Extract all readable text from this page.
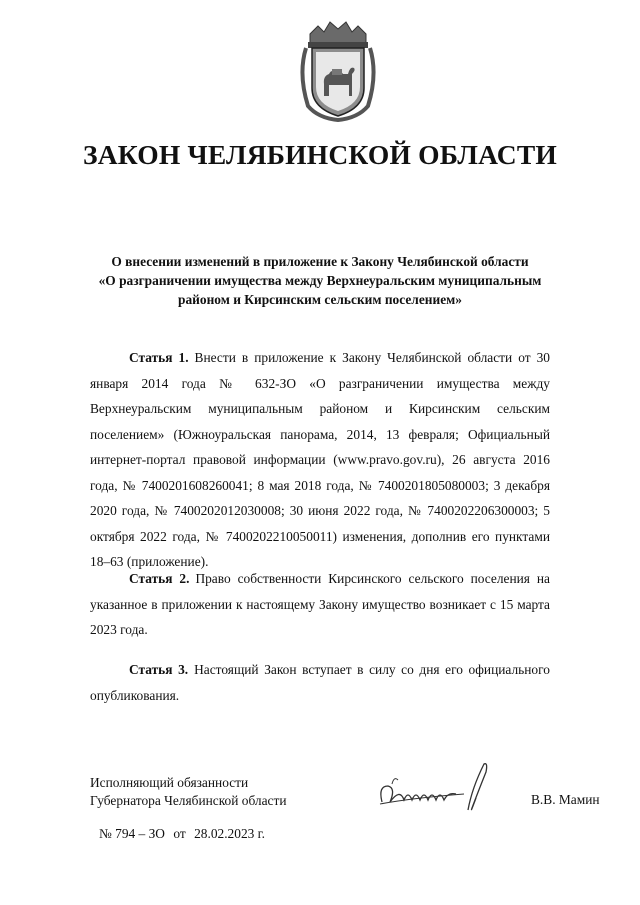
ЗАКОН ЧЕЛЯБИНСКОЙ ОБЛАСТИ
О внесении изменений в приложение к Закону Челябинской области
«О разграничении имущества между Верхнеуральским муниципальным
районом и Кирсинским сельским поселением»

Статья 1. Внести в приложение к Закону Челябинской области от 30 января 2014 года № 632-ЗО «О разграничении имущества между Верхнеуральским муниципальным районом и Кирсинским сельским поселением» (Южноуральская панорама, 2014, 13 февраля; Официальный интернет-портал правовой информации (www.pravo.gov.ru), 26 августа 2016 года, № 7400201608260041; 8 мая 2018 года, № 7400201805080003; 3 декабря 2020 года, № 7400202012030008; 30 июня 2022 года, № 7400202206300003; 5 октября 2022 года, № 7400202210050011) изменения, дополнив его пунктами 18–63 (приложение).

Статья 2. Право собственности Кирсинского сельского поселения на указанное в приложении к настоящему Закону имущество возникает с 15 марта 2023 года.

Статья 3. Настоящий Закон вступает в силу со дня его официального опубликования.

Исполняющий обязанности
Губернатора Челябинской области	В.В. Мамин
№ 794 – ЗО от 28.02.2023 г.
